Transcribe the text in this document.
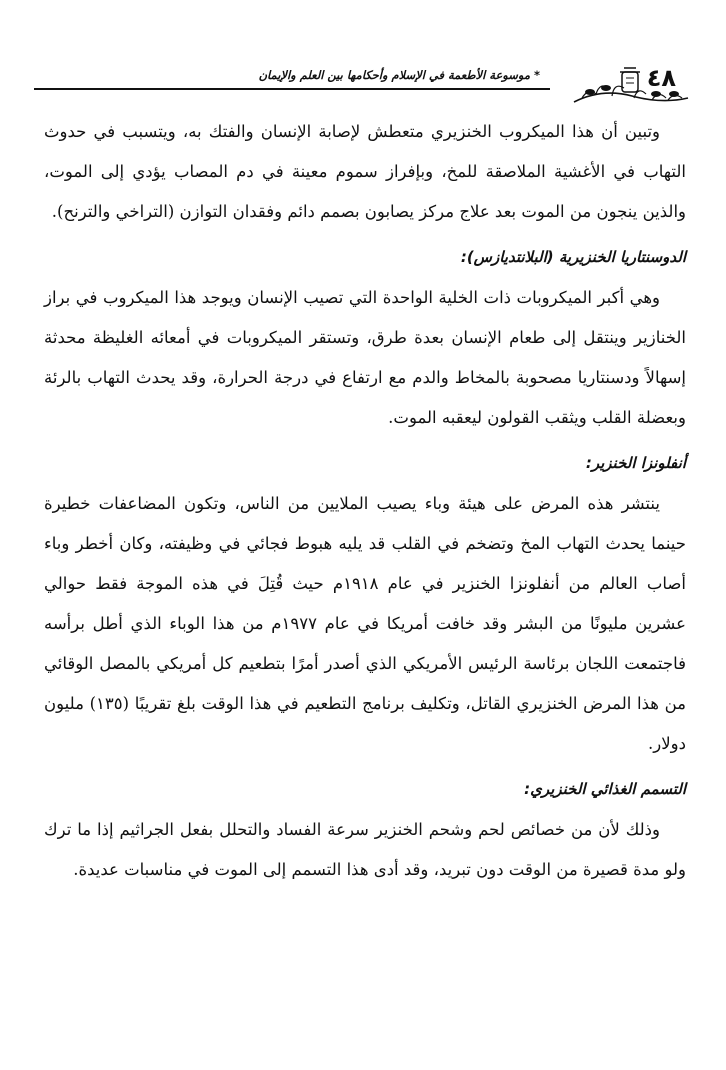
٤٨
* موسوعة الأطعمة في الإسلام وأحكامها بين العلم والإيمان

وتبين أن هذا الميكروب الخنزيري متعطش لإصابة الإنسان والفتك به، ويتسبب في حدوث التهاب في الأغشية الملاصقة للمخ، وبإفراز سموم معينة في دم المصاب يؤدي إلى الموت، والذين ينجون من الموت بعد علاج مركز يصابون بصمم دائم وفقدان التوازن (التراخي والترنح).

الدوسنتاريا الخنزيرية (البلانتديازس):

وهي أكبر الميكروبات ذات الخلية الواحدة التي تصيب الإنسان ويوجد هذا الميكروب في براز الخنازير وينتقل إلى طعام الإنسان بعدة طرق، وتستقر الميكروبات في أمعائه الغليظة محدثة إسهالاً ودسنتاريا مصحوبة بالمخاط والدم مع ارتفاع في درجة الحرارة، وقد يحدث التهاب بالرئة وبعضلة القلب ويثقب القولون ليعقبه الموت.

أنفلونزا الخنزير:

ينتشر هذه المرض على هيئة وباء يصيب الملايين من الناس، وتكون المضاعفات خطيرة حينما يحدث التهاب المخ وتضخم في القلب قد يليه هبوط فجائي في وظيفته، وكان أخطر وباء أصاب العالم من أنفلونزا الخنزير في عام ١٩١٨م حيث قُتِلَ في هذه الموجة فقط حوالي عشرين مليونًا من البشر وقد خافت أمريكا في عام ١٩٧٧م من هذا الوباء الذي أطل برأسه فاجتمعت اللجان برئاسة الرئيس الأمريكي الذي أصدر أمرًا بتطعيم كل أمريكي بالمصل الوقائي من هذا المرض الخنزيري القاتل، وتكليف برنامج التطعيم في هذا الوقت بلغ تقريبًا (١٣٥) مليون دولار.

التسمم الغذائي الخنزيري:

وذلك لأن من خصائص لحم وشحم الخنزير سرعة الفساد والتحلل بفعل الجراثيم إذا ما ترك ولو مدة قصيرة من الوقت دون تبريد، وقد أدى هذا التسمم إلى الموت في مناسبات عديدة.
